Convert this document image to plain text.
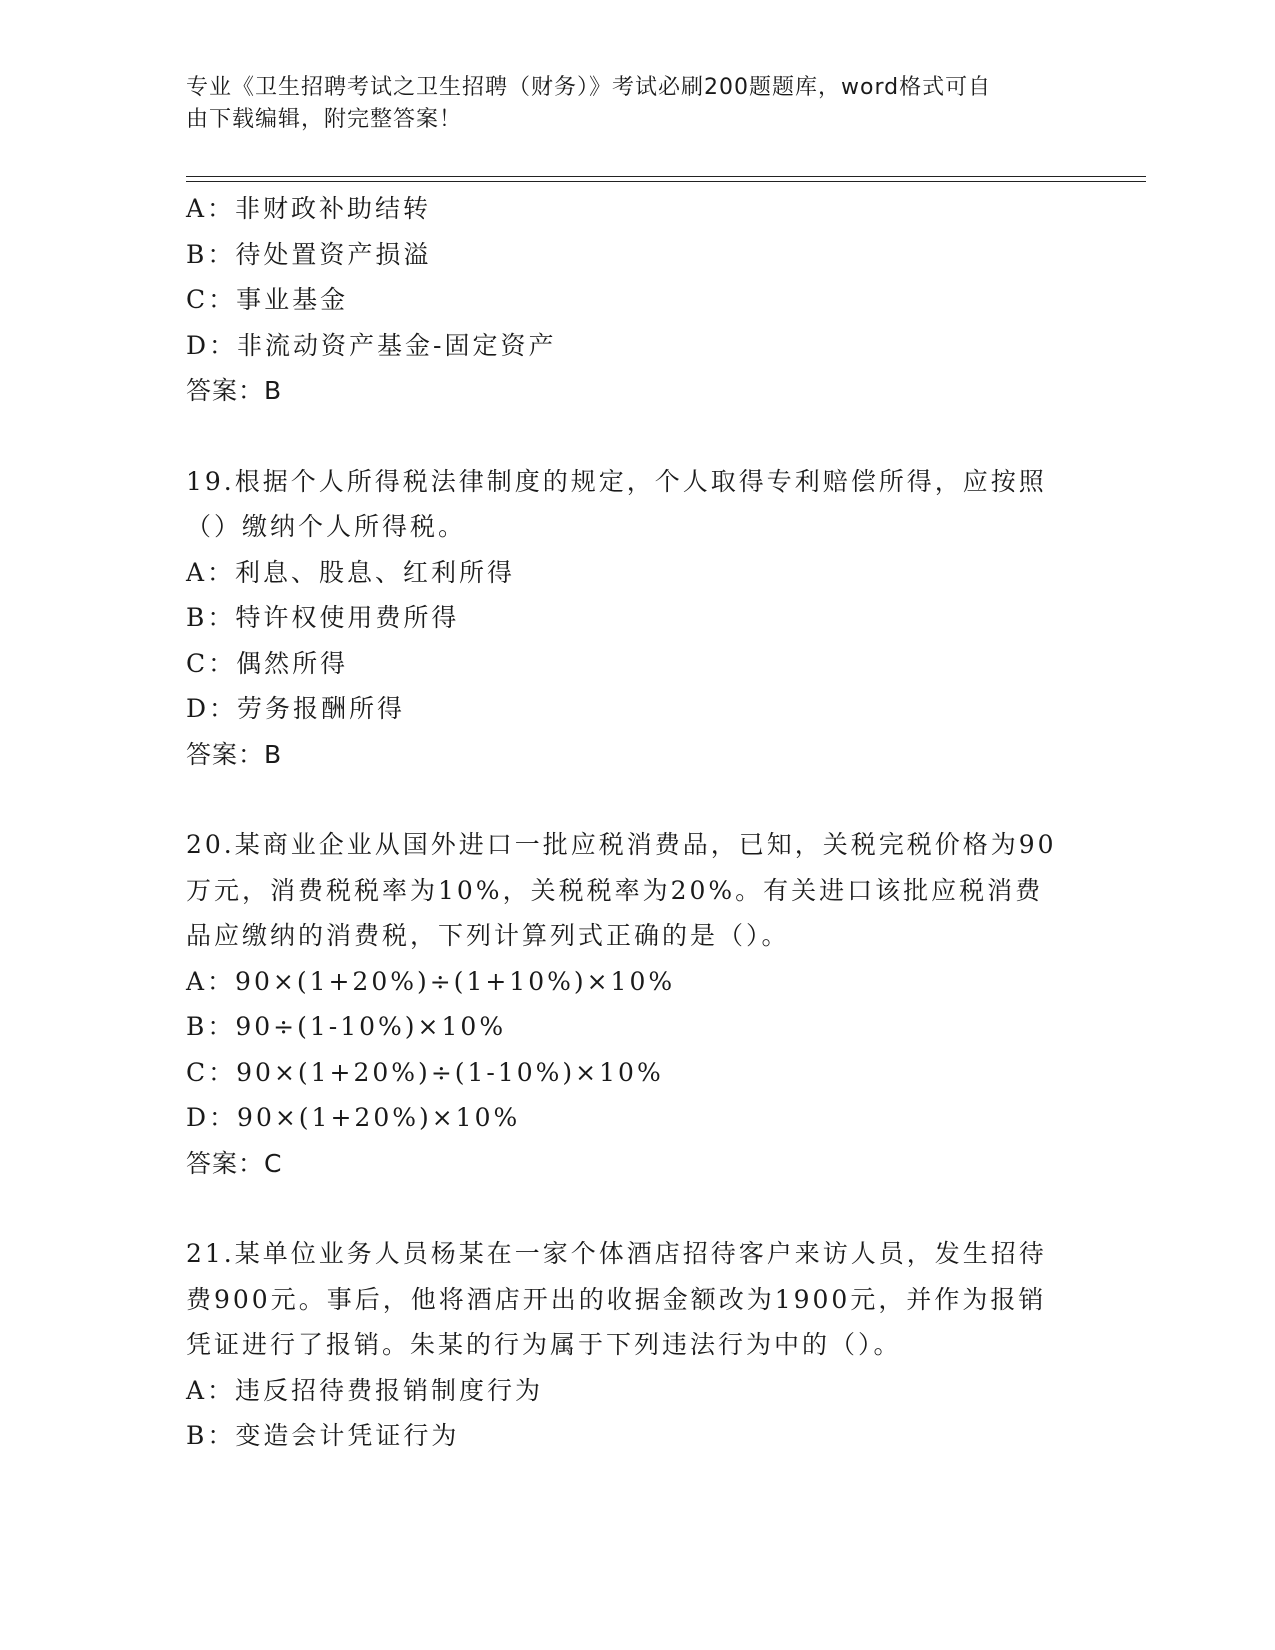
专业《卫生招聘考试之卫生招聘（财务）》考试必刷200题题库，word格式可自
由下载编辑，附完整答案！
A：非财政补助结转
B：待处置资产损溢
C：事业基金
D：非流动资产基金-固定资产
答案：B
19.根据个人所得税法律制度的规定，个人取得专利赔偿所得，应按照
（）缴纳个人所得税。
A：利息、股息、红利所得
B：特许权使用费所得
C：偶然所得
D：劳务报酬所得
答案：B
20.某商业企业从国外进口一批应税消费品，已知，关税完税价格为90
万元，消费税税率为10%，关税税率为20%。有关进口该批应税消费
品应缴纳的消费税，下列计算列式正确的是（）。
A：90×(1+20%)÷(1+10%)×10%
B：90÷(1-10%)×10%
C：90×(1+20%)÷(1-10%)×10%
D：90×(1+20%)×10%
答案：C
21.某单位业务人员杨某在一家个体酒店招待客户来访人员，发生招待
费900元。事后，他将酒店开出的收据金额改为1900元，并作为报销
凭证进行了报销。朱某的行为属于下列违法行为中的（）。
A：违反招待费报销制度行为
B：变造会计凭证行为
